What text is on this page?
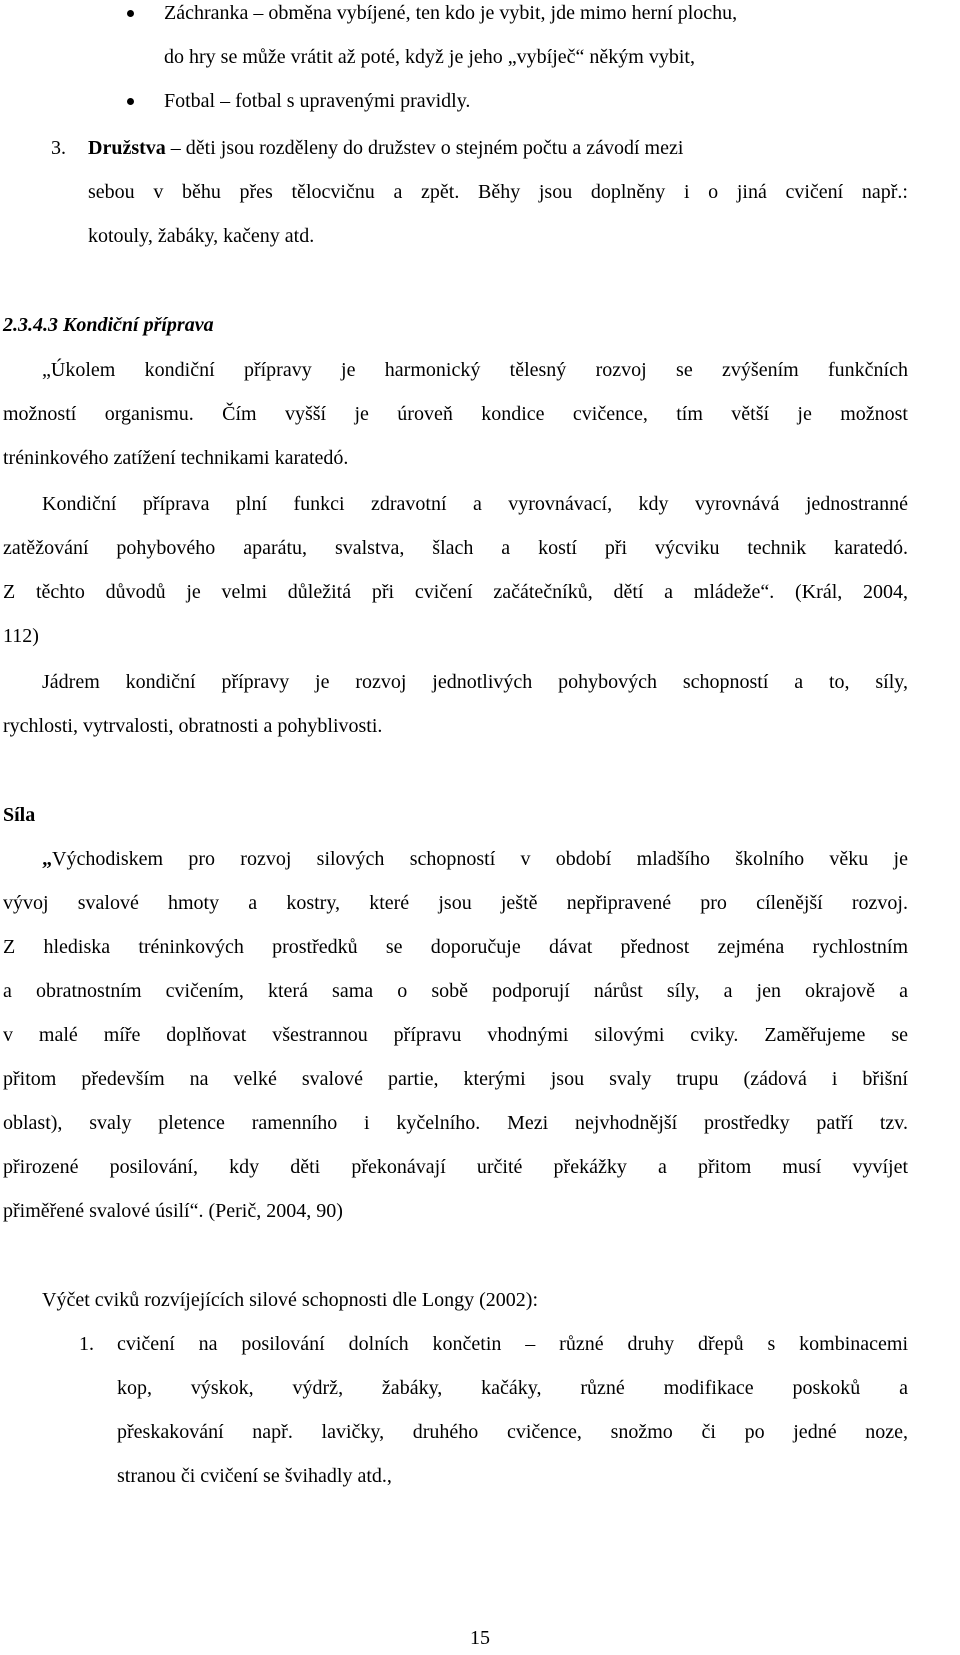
Záchranka – obměna vybíjené, ten kdo je vybit, jde mimo herní plochu,
do hry se může vrátit až poté, když je jeho „vybíječ“ někým vybit,
Fotbal – fotbal s upravenými pravidly.
3. Družstva – děti jsou rozděleny do družstev o stejném počtu a závodí mezi
sebou v běhu přes tělocvičnu a zpět. Běhy jsou doplněny i o jiná cvičení např.:
kotouly, žabáky, kačeny atd.
2.3.4.3 Kondiční příprava
„Úkolem kondiční přípravy je harmonický tělesný rozvoj se zvýšením funkčních
možností organismu. Čím vyšší je úroveň kondice cvičence, tím větší je možnost
tréninkového zatížení technikami karatedó.
Kondiční příprava plní funkci zdravotní a vyrovnávací, kdy vyrovnává jednostranné
zatěžování pohybového aparátu, svalstva, šlach a kostí při výcviku technik karatedó.
Z těchto důvodů je velmi důležitá při cvičení začátečníků, dětí a mládeže“. (Král, 2004,
112)
Jádrem kondiční přípravy je rozvoj jednotlivých pohybových schopností a to, síly,
rychlosti, vytrvalosti, obratnosti a pohyblivosti.
Síla
„Východiskem pro rozvoj silových schopností v období mladšího školního věku je
vývoj svalové hmoty a kostry, které jsou ještě nepřipravené pro cílenější rozvoj.
Z hlediska tréninkových prostředků se doporučuje dávat přednost zejména rychlostním
a obratnostním cvičením, která sama o sobě podporují nárůst síly, a jen okrajově a
v malé míře doplňovat všestrannou přípravu vhodnými silovými cviky. Zaměřujeme se
přitom především na velké svalové partie, kterými jsou svaly trupu (zádová i břišní
oblast), svaly pletence ramenního i kyčelního. Mezi nejvhodnější prostředky patří tzv.
přirozené posilování, kdy děti překonávají určité překážky a přitom musí vyvíjet
přiměřené svalové úsilí“. (Perič, 2004, 90)
Výčet cviků rozvíjejících silové schopnosti dle Longy (2002):
1. cvičení na posilování dolních končetin – různé druhy dřepů s kombinacemi
kop, výskok, výdrž, žabáky, kačáky, různé modifikace poskoků a
přeskakování např. lavičky, druhého cvičence, snožmo či po jedné noze,
stranou či cvičení se švihadly atd.,
15
